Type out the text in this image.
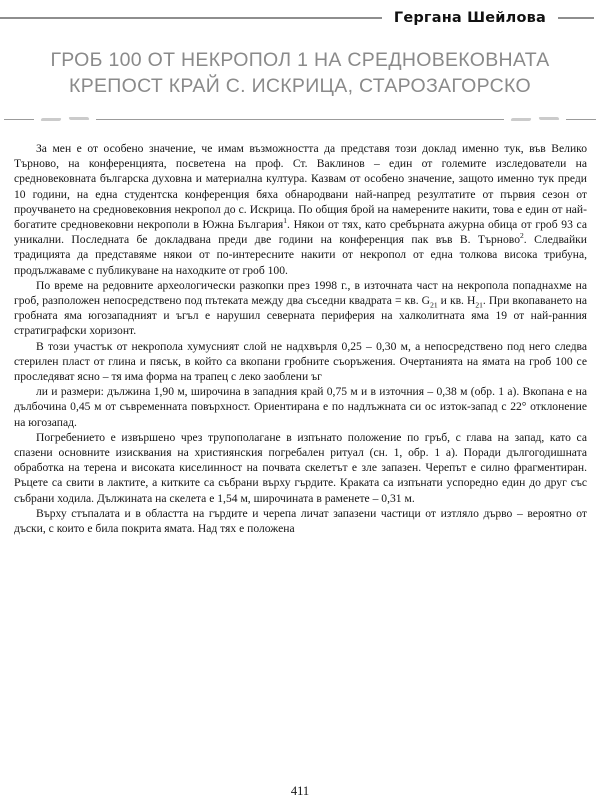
Гергана Шейлова
ГРОБ 100 ОТ НЕКРОПОЛ 1 НА СРЕДНОВЕКОВНАТА
КРЕПОСТ КРАЙ С. ИСКРИЦА, СТАРОЗАГОРСКО

За мен е от особено значение, че имам възможността да представя този доклад именно тук, във Велико Търново, на конференцията, посветена на проф. Ст. Ваклинов – един от големите изследователи на средновековната българска духовна и материална култура. Казвам от особено значение, защото именно тук преди 10 години, на една студентска конференция бяха обнародвани най-напред резултатите от първия сезон от проучването на средновековния некропол до с. Искрица. По общия брой на намерените накити, това е един от най-богатите средновековни некрополи в Южна България$^1$. Някои от тях, като сребърната ажурна обица от гроб 93 са уникални. Последната бе докладвана преди две години на конференция пак във В. Търново$^2$. Следвайки традицията да представяме някои от по-интересните накити от некропол от една толкова висока трибуна, продължаваме с публикуване на находките от гроб 100.

По време на редовните археологически разкопки през 1998 г., в източната част на некропола попаднахме на гроб, разположен непосредствено под пътеката между два съседни квадрата = кв. $G_{21}$ и кв. $Н_{21}$. При вкопаването на гробната яма югозападният и ъгъл е нарушил северната периферия на халколитната яма 19 от най-ранния стратиграфски хоризонт.

В този участък от некропола хумусният слой не надхвърля 0,25 – 0,30 м, а непосредствено под него следва стерилен пласт от глина и пясък, в който са вкопани гробните съоръжения. Очертанията на ямата на гроб 100 се проследяват ясно – тя има форма на трапец с леко заоблени ъг

ли и размери: дължина 1,90 м, широчина в западния край 0,75 м и в източния – 0,38 м (обр. 1 а). Вкопана е на дълбочина 0,45 м от съвременната повърхност. Ориентирана е по надлъжната си ос изток-запад с 22° отклонение на югозапад.

Погребението е извършено чрез трупополагане в изпънато положение по гръб, с глава на запад, като са спазени основните изисквания на християнския погребален ритуал (сн. 1, обр. 1 а). Поради дългогодишната обработка на терена и високата киселинност на почвата скелетът е зле запазен. Черепът е силно фрагментиран. Ръцете са свити в лактите, а китките са събрани върху гърдите. Краката са изпънати успоредно един до друг със събрани ходила. Дължината на скелета е 1,54 м, широчината в раменете – 0,31 м.

Върху стъпалата и в областта на гърдите и черепа личат запазени частици от изтляло дърво – вероятно от дъски, с които е била покрита ямата. Над тях е положена

411
